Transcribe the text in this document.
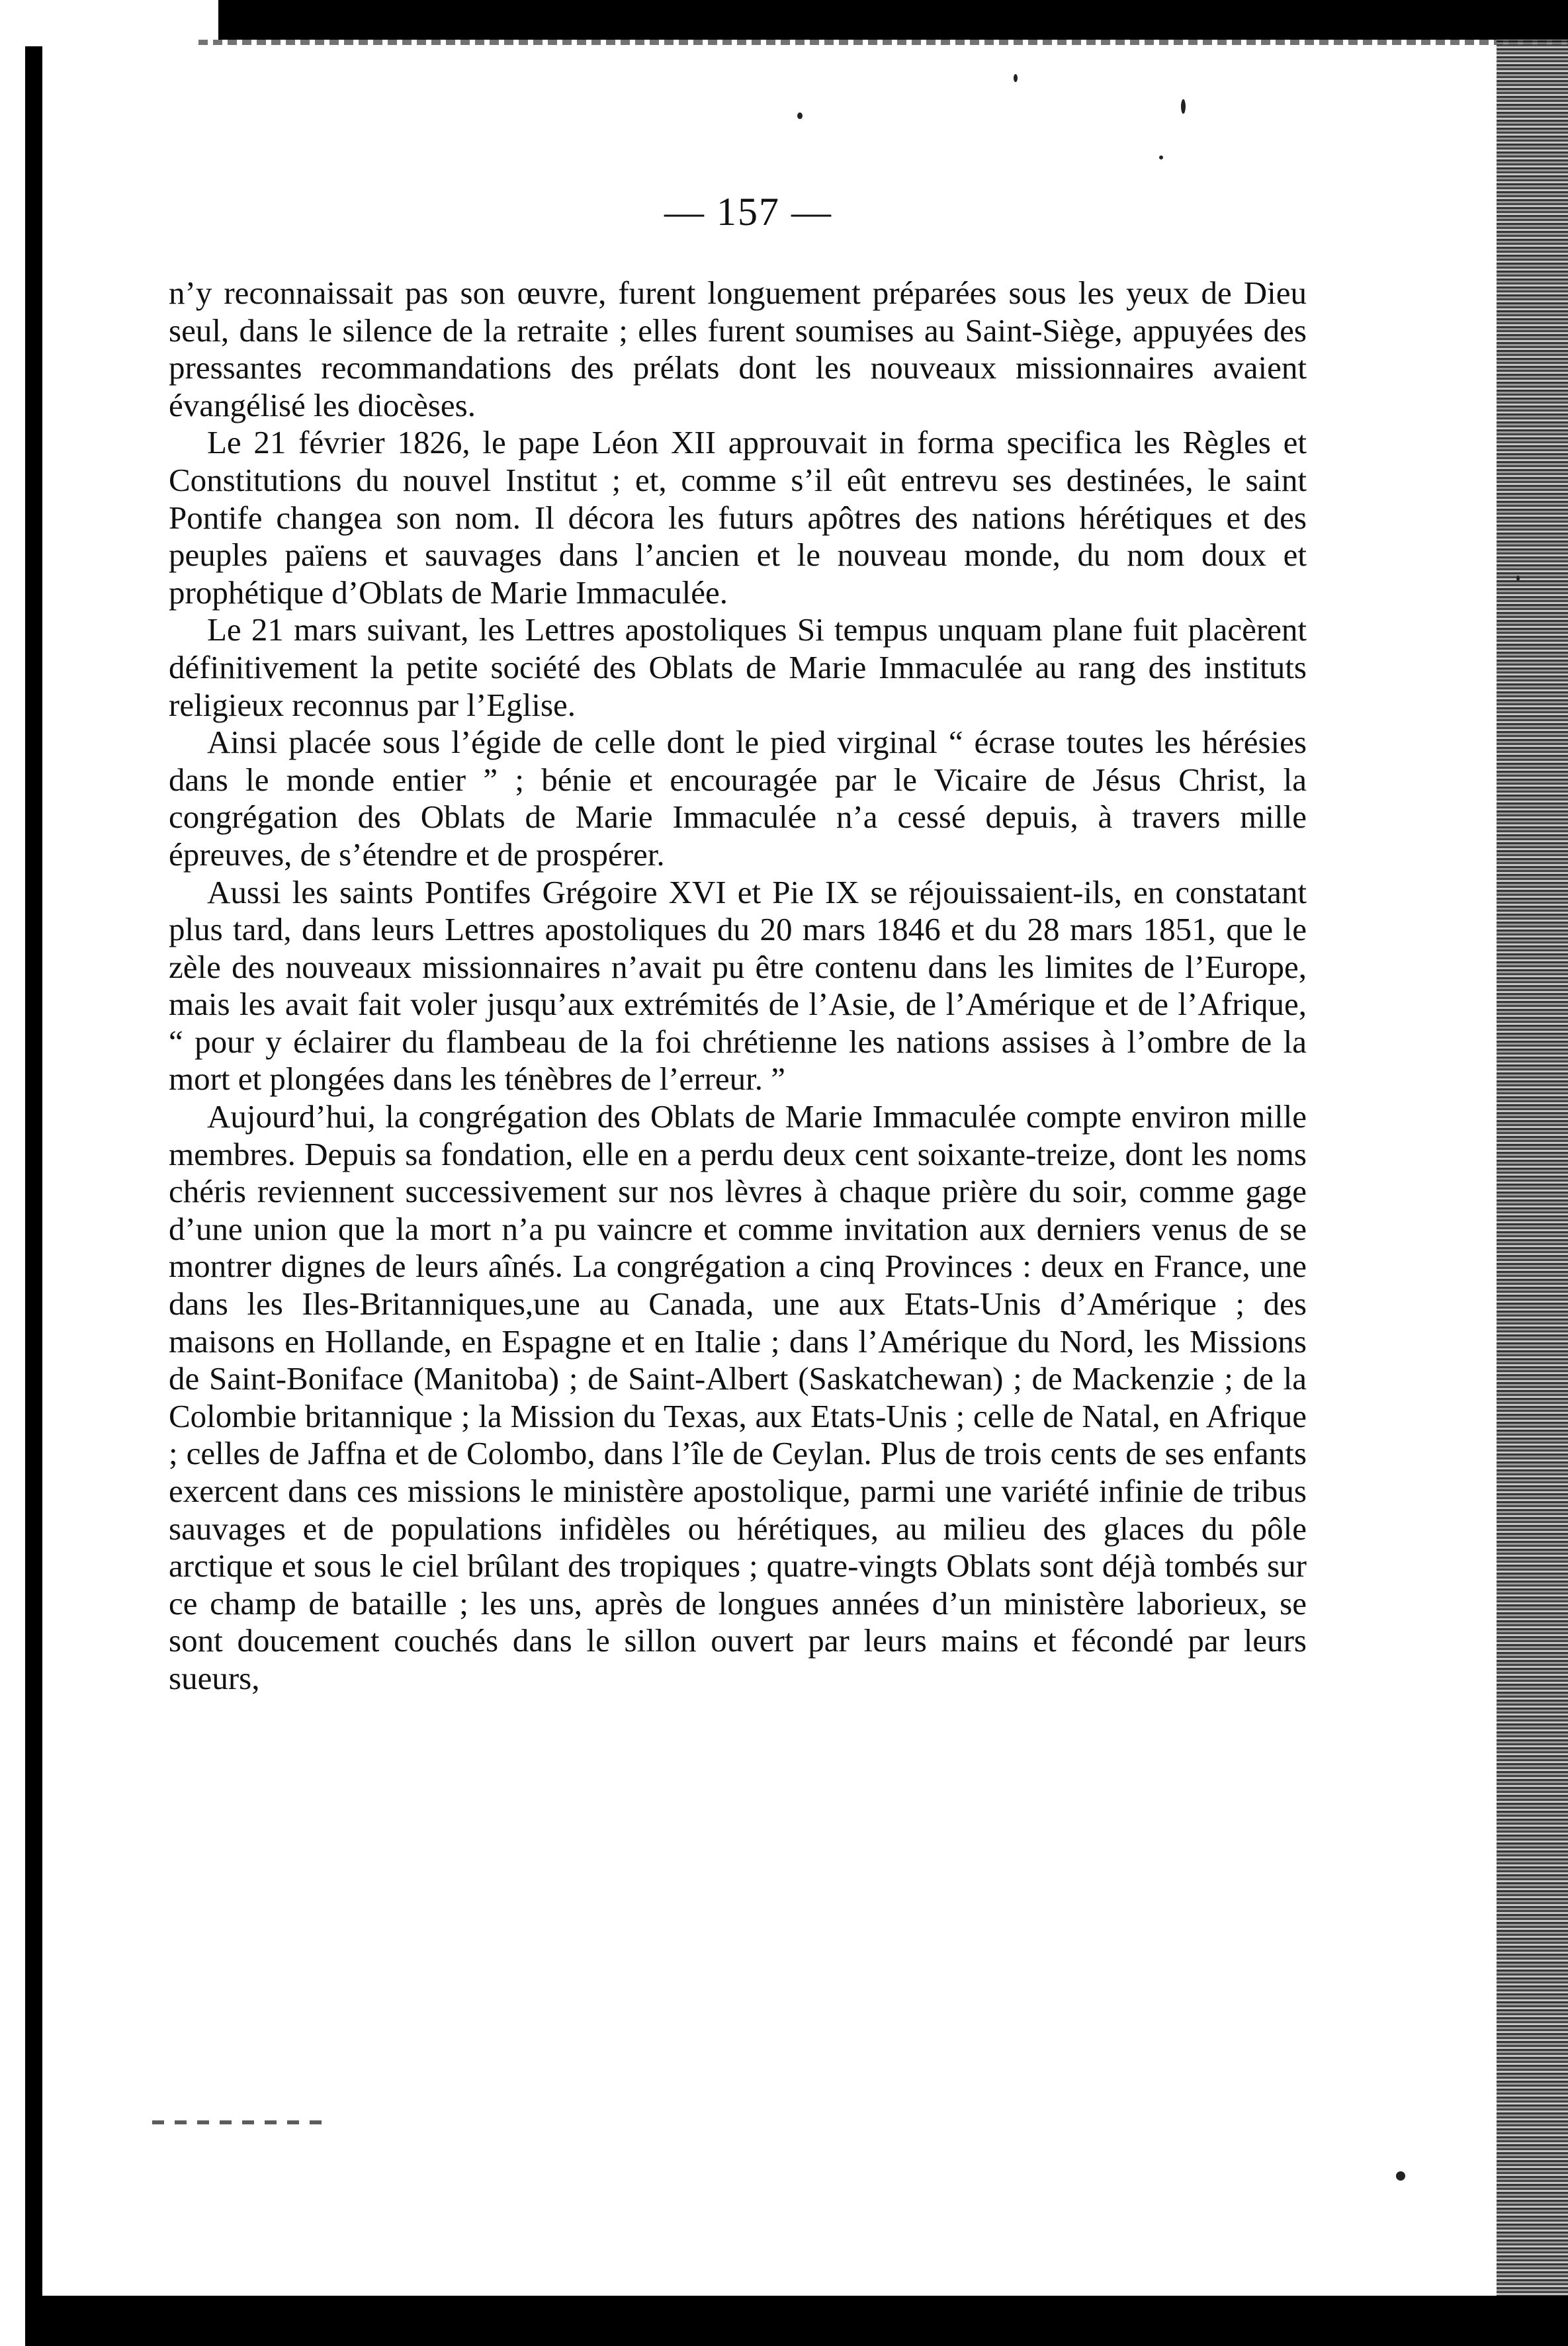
— 157 —

n’y reconnaissait pas son œuvre, furent longuement préparées sous les yeux de Dieu seul, dans le silence de la retraite ; elles furent soumises au Saint-Siège, appuyées des pressantes recommandations des prélats dont les nouveaux missionnaires avaient évangélisé les diocèses.

Le 21 février 1826, le pape Léon XII approuvait in forma specifica les Règles et Constitutions du nouvel Institut ; et, comme s’il eût entrevu ses destinées, le saint Pontife changea son nom. Il décora les futurs apôtres des nations hérétiques et des peuples païens et sauvages dans l’ancien et le nouveau monde, du nom doux et prophétique d’Oblats de Marie Immaculée.

Le 21 mars suivant, les Lettres apostoliques Si tempus unquam plane fuit placèrent définitivement la petite société des Oblats de Marie Immaculée au rang des instituts religieux reconnus par l’Eglise.

Ainsi placée sous l’égide de celle dont le pied virginal “ écrase toutes les hérésies dans le monde entier ” ; bénie et encouragée par le Vicaire de Jésus Christ, la congrégation des Oblats de Marie Immaculée n’a cessé depuis, à travers mille épreuves, de s’étendre et de prospérer.

Aussi les saints Pontifes Grégoire XVI et Pie IX se réjouissaient-ils, en constatant plus tard, dans leurs Lettres apostoliques du 20 mars 1846 et du 28 mars 1851, que le zèle des nouveaux missionnaires n’avait pu être contenu dans les limites de l’Europe, mais les avait fait voler jusqu’aux extrémités de l’Asie, de l’Amérique et de l’Afrique, “ pour y éclairer du flambeau de la foi chrétienne les nations assises à l’ombre de la mort et plongées dans les ténèbres de l’erreur. ”

Aujourd’hui, la congrégation des Oblats de Marie Immaculée compte environ mille membres. Depuis sa fondation, elle en a perdu deux cent soixante-treize, dont les noms chéris reviennent successivement sur nos lèvres à chaque prière du soir, comme gage d’une union que la mort n’a pu vaincre et comme invitation aux derniers venus de se montrer dignes de leurs aînés. La congrégation a cinq Provinces : deux en France, une dans les Iles-Britanniques,une au Canada, une aux Etats-Unis d’Amérique ; des maisons en Hollande, en Espagne et en Italie ; dans l’Amérique du Nord, les Missions de Saint-Boniface (Manitoba) ; de Saint-Albert (Saskatchewan) ; de Mackenzie ; de la Colombie britannique ; la Mission du Texas, aux Etats-Unis ; celle de Natal, en Afrique ; celles de Jaffna et de Colombo, dans l’île de Ceylan. Plus de trois cents de ses enfants exercent dans ces missions le ministère apostolique, parmi une variété infinie de tribus sauvages et de populations infidèles ou hérétiques, au milieu des glaces du pôle arctique et sous le ciel brûlant des tropiques ; quatre-vingts Oblats sont déjà tombés sur ce champ de bataille ; les uns, après de longues années d’un ministère laborieux, se sont doucement couchés dans le sillon ouvert par leurs mains et fécondé par leurs sueurs,
